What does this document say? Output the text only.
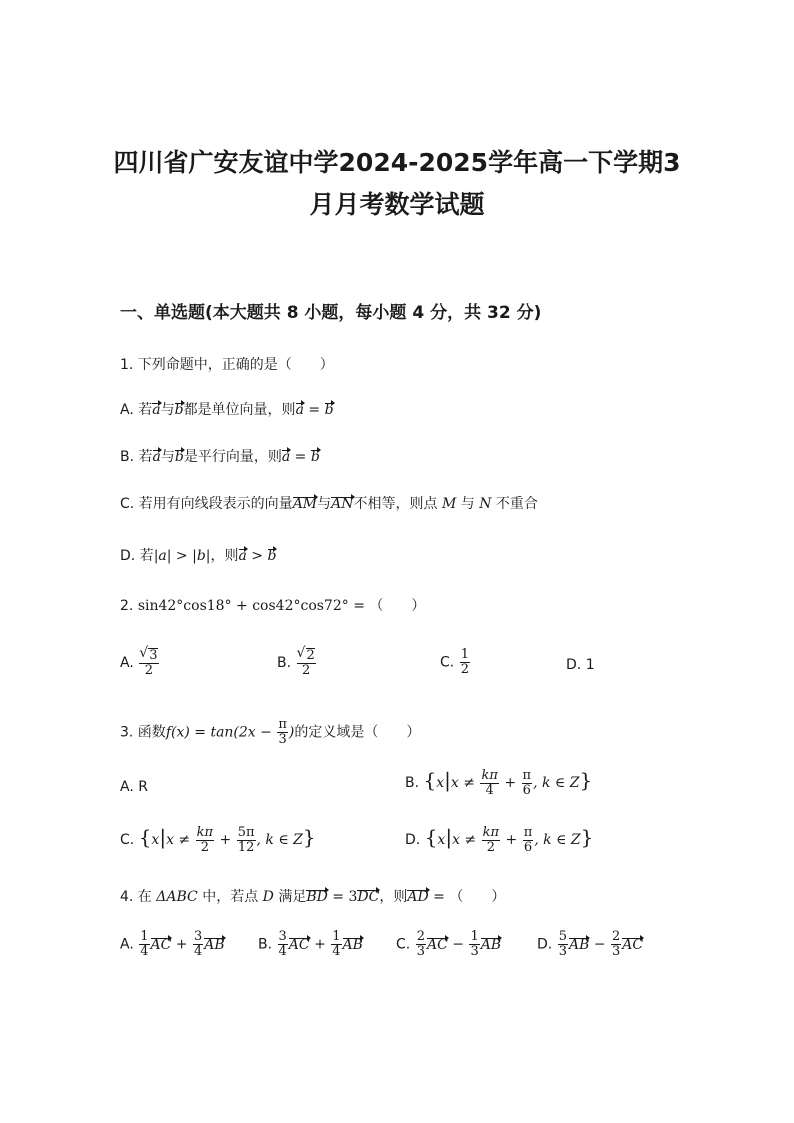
四川省广安友谊中学2024-2025学年高一下学期3
月月考数学试题
一、单选题(本大题共 8 小题，每小题 4 分，共 32 分)
1. 下列命题中，正确的是（　　）
A. 若a与b都是单位向量，则a = b
B. 若a与b是平行向量，则a = b
C. 若用有向线段表示的向量AM与AN不相等，则点 M 与 N 不重合
D. 若|a| > |b|，则a > b
2. sin42°cos18° + cos42°cos72° = （　　）
A. √ $\frac{3}{2}$	B. √ $\frac{2}{2}$	C. $\frac{1}{2}$	D. 1
3. 函数$f(x) = \tan(2x - \frac{\pi}{3}$ )的定义域是（　　）
A. R	B. {$x|x \ne \frac{k\pi}{4} + \frac{\pi}{6}$ , k ∈ Z}
C. {$x|x \ne \frac{k\pi}{2} + \frac{5\pi}{12}$ , k ∈ Z}	D. {$x|x \ne \frac{k\pi}{2} + \frac{\pi}{6}$ , k ∈ Z}
4. 在 ΔABC 中，若点 D 满足BD = 3DC，则AD = （　　）
A. $\frac{1}{4}$ AC + $\frac{3}{4}$ AB B. $\frac{3}{4}$ AC + $\frac{1}{4}$ AB C. $\frac{2}{3}$ AC − $\frac{1}{3}$ AB	D. $\frac{5}{3}$ AB − $\frac{2}{3}$ AC
